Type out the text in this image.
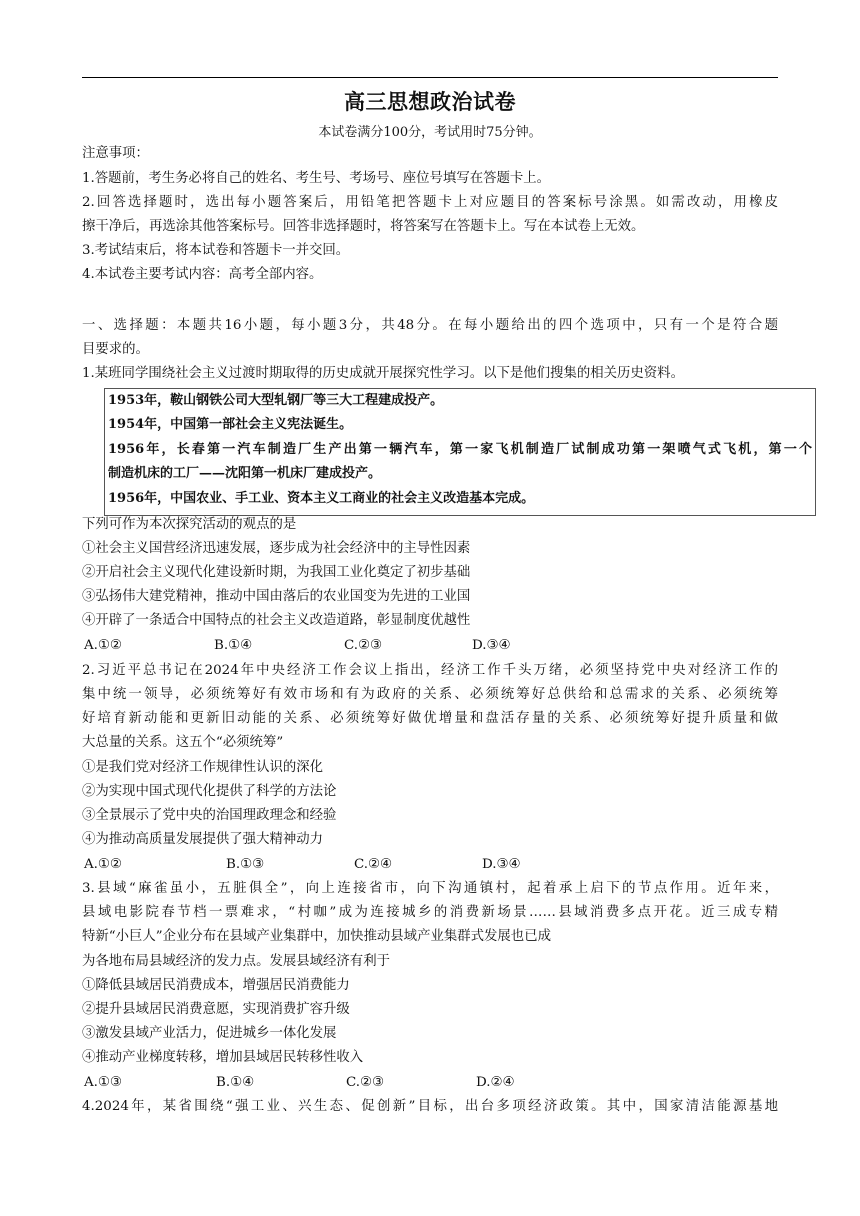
高三思想政治试卷
本试卷满分100分，考试用时75分钟。
注意事项：
1.答题前，考生务必将自己的姓名、考生号、考场号、座位号填写在答题卡上。
2.回答选择题时，选出每小题答案后，用铅笔把答题卡上对应题目的答案标号涂黑。如需改动，用橡皮
擦干净后，再选涂其他答案标号。回答非选择题时，将答案写在答题卡上。写在本试卷上无效。
3.考试结束后，将本试卷和答题卡一并交回。
4.本试卷主要考试内容：高考全部内容。
一、选择题：本题共16小题，每小题3分，共48分。在每小题给出的四个选项中，只有一个是符合题
目要求的。
1.某班同学围绕社会主义过渡时期取得的历史成就开展探究性学习。以下是他们搜集的相关历史资料。
1953年，鞍山钢铁公司大型轧钢厂等三大工程建成投产。
1954年，中国第一部社会主义宪法诞生。
1956年，长春第一汽车制造厂生产出第一辆汽车，第一家飞机制造厂试制成功第一架喷气式飞机，第一个
制造机床的工厂——沈阳第一机床厂建成投产。
1956年，中国农业、手工业、资本主义工商业的社会主义改造基本完成。
下列可作为本次探究活动的观点的是
①社会主义国营经济迅速发展，逐步成为社会经济中的主导性因素
②开启社会主义现代化建设新时期，为我国工业化奠定了初步基础
③弘扬伟大建党精神，推动中国由落后的农业国变为先进的工业国
④开辟了一条适合中国特点的社会主义改造道路，彰显制度优越性
A.①②	B.①④	C.②③	D.③④
2.习近平总书记在2024年中央经济工作会议上指出，经济工作千头万绪，必须坚持党中央对经济工作的
集中统一领导，必须统筹好有效市场和有为政府的关系、必须统筹好总供给和总需求的关系、必须统筹
好培育新动能和更新旧动能的关系、必须统筹好做优增量和盘活存量的关系、必须统筹好提升质量和做
大总量的关系。这五个“必须统筹”
①是我们党对经济工作规律性认识的深化
②为实现中国式现代化提供了科学的方法论
③全景展示了党中央的治国理政理念和经验
④为推动高质量发展提供了强大精神动力
A.①②	B.①③	C.②④	D.③④
3.县域“麻雀虽小，五脏俱全”，向上连接省市，向下沟通镇村，起着承上启下的节点作用。近年来，
县域电影院春节档一票难求，“村咖”成为连接城乡的消费新场景……县域消费多点开花。近三成专精
特新“小巨人”企业分布在县域产业集群中，加快推动县域产业集群式发展也已成
为各地布局县域经济的发力点。发展县域经济有利于
①降低县域居民消费成本，增强居民消费能力
②提升县域居民消费意愿，实现消费扩容升级
③激发县域产业活力，促进城乡一体化发展
④推动产业梯度转移，增加县域居民转移性收入
A.①③	B.①④	C.②③	D.②④
4.2024年，某省围绕“强工业、兴生态、促创新”目标，出台多项经济政策。其中，国家清洁能源基地
